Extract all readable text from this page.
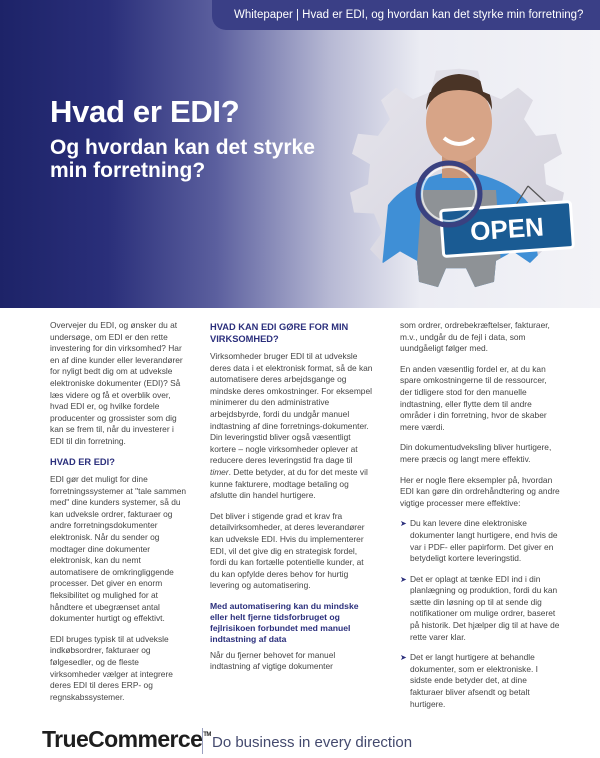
Whitepaper | Hvad er EDI, og hvordan kan det styrke min forretning?
Hvad er EDI?
Og hvordan kan det styrke min forretning?
OPEN

Overvejer du EDI, og ønsker du at undersøge, om EDI er den rette investering for din virksomhed? Har en af dine kunder eller leverandører for nyligt bedt dig om at udveksle elektroniske dokumenter (EDI)? Så læs videre og få et overblik over, hvad EDI er, og hvilke fordele producenter og grossister som dig kan se frem til, når du investerer i EDI til din forretning.

HVAD ER EDI?

EDI gør det muligt for dine forretningssystemer at "tale sammen med" dine kunders systemer, så du kan udveksle ordrer, fakturaer og andre forretningsdokumenter elektronisk. Når du sender og modtager dine dokumenter elektronisk, kan du nemt automatisere de omkringliggende processer. Det giver en enorm fleksibilitet og mulighed for at håndtere et ubegrænset antal dokumenter hurtigt og effektivt.

EDI bruges typisk til at udveksle indkøbsordrer, fakturaer og følgesedler, og de fleste virksomheder vælger at integrere deres EDI til deres ERP- og regnskabssystemer.

HVAD KAN EDI GØRE FOR MIN VIRKSOMHED?

Virksomheder bruger EDI til at udveksle deres data i et elektronisk format, så de kan automatisere deres arbejdsgange og mindske deres omkostninger. For eksempel minimerer du den administrative arbejdsbyrde, fordi du undgår manuel indtastning af dine forretnings-dokumenter. Din leveringstid bliver også væsentligt kortere – nogle virksomheder oplever at reducere deres leveringstid fra dage til timer. Dette betyder, at du for det meste vil kunne fakturere, modtage betaling og afslutte din handel hurtigere.

Det bliver i stigende grad et krav fra detailvirksomheder, at deres leverandører kan udveksle EDI. Hvis du implementerer EDI, vil det give dig en strategisk fordel, fordi du kan fortælle potentielle kunder, at du kan opfylde deres behov for hurtig levering og automatisering.

Med automatisering kan du mindske eller helt fjerne tidsforbruget og fejlrisikoen forbundet med manuel indtastning af data

Når du fjerner behovet for manuel indtastning af vigtige dokumenter

som ordrer, ordrebekræftelser, fakturaer, m.v., undgår du de fejl i data, som uundgåeligt følger med.

En anden væsentlig fordel er, at du kan spare omkostningerne til de ressourcer, der tidligere stod for den manuelle indtastning, eller flytte dem til andre områder i din forretning, hvor de skaber mere værdi.

Din dokumentudveksling bliver hurtigere, mere præcis og langt mere effektiv.

Her er nogle flere eksempler på, hvordan EDI kan gøre din ordrehåndtering og andre vigtige processer mere effektive:

➤ Du kan levere dine elektroniske dokumenter langt hurtigere, end hvis de var i PDF- eller papirform. Det giver en betydeligt kortere leveringstid.
➤ Det er oplagt at tænke EDI ind i din planlægning og produktion, fordi du kan sætte din løsning op til at sende dig notifikationer om mulige ordrer, baseret på historik. Det hjælper dig til at have de rette varer klar.
➤ Det er langt hurtigere at behandle dokumenter, som er elektroniske. I sidste ende betyder det, at dine fakturaer bliver afsendt og betalt hurtigere.
TrueCommerce™ Do business in every direction
